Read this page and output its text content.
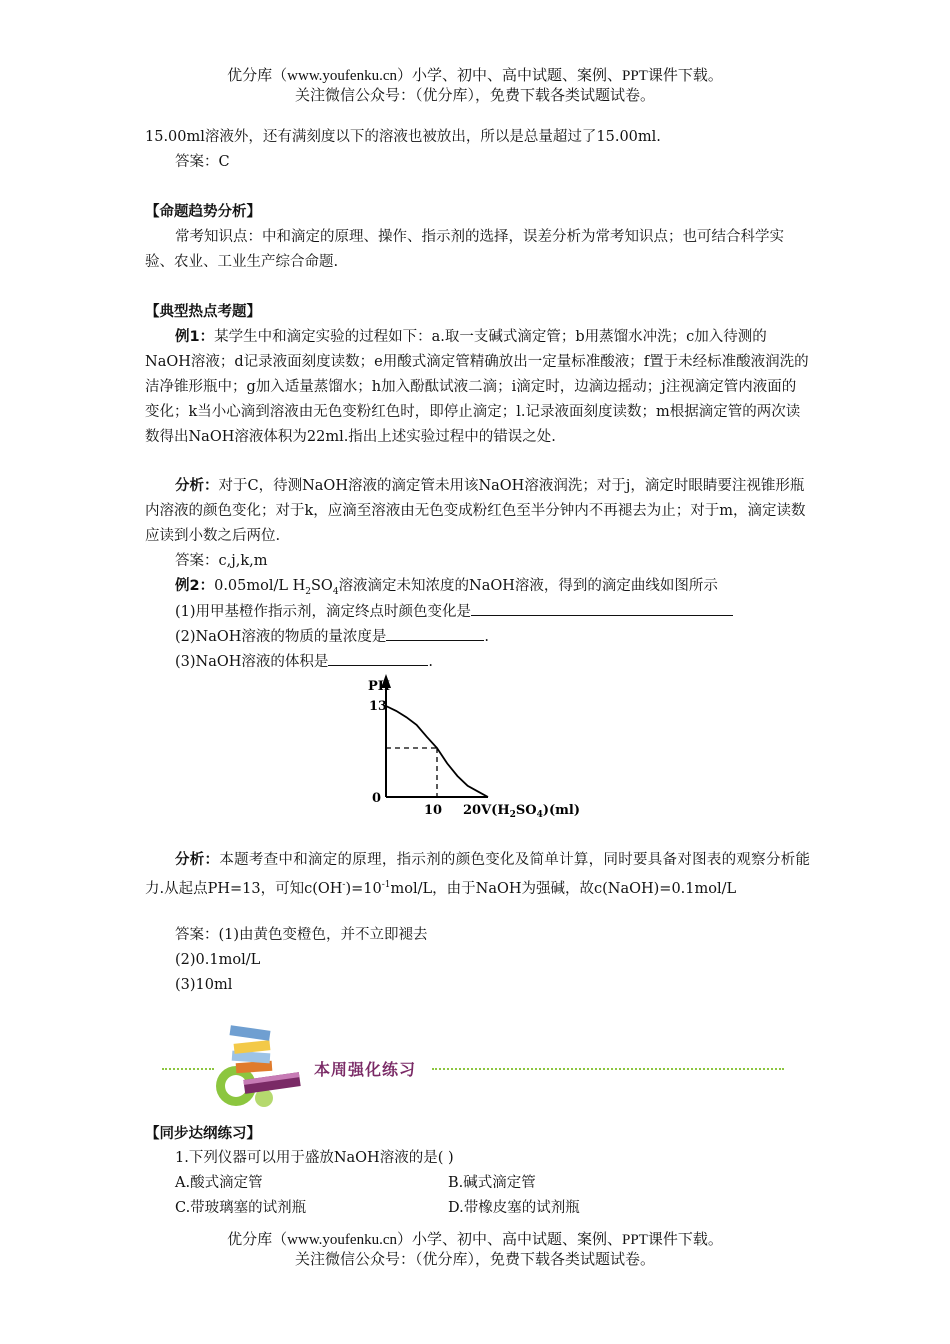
优分库（www.youfenku.cn）小学、初中、高中试题、案例、PPT课件下载。
关注微信公众号：（优分库），免费下载各类试题试卷。
15.00ml溶液外，还有满刻度以下的溶液也被放出，所以是总量超过了15.00ml.
答案：C
【命题趋势分析】
常考知识点：中和滴定的原理、操作、指示剂的选择，误差分析为常考知识点；也可结合科学实验、农业、工业生产综合命题.
【典型热点考题】
例1：某学生中和滴定实验的过程如下：a.取一支碱式滴定管；b用蒸馏水冲洗；c加入待测的NaOH溶液；d记录液面刻度读数；e用酸式滴定管精确放出一定量标准酸液；f置于未经标准酸液润洗的洁净锥形瓶中；g加入适量蒸馏水；h加入酚酞试液二滴；i滴定时，边滴边摇动；j注视滴定管内液面的变化；k当小心滴到溶液由无色变粉红色时，即停止滴定；l.记录液面刻度读数；m根据滴定管的两次读数得出NaOH溶液体积为22ml.指出上述实验过程中的错误之处.
分析：对于C，待测NaOH溶液的滴定管未用该NaOH溶液润洗；对于j，滴定时眼睛要注视锥形瓶内溶液的颜色变化；对于k，应滴至溶液由无色变成粉红色至半分钟内不再褪去为止；对于m，滴定读数应读到小数之后两位.
答案：c,j,k,m
例2：0.05mol/L $H_2SO_4$溶液滴定未知浓度的NaOH溶液，得到的滴定曲线如图所示
(1)用甲基橙作指示剂，滴定终点时颜色变化是
(2)NaOH溶液的物质的量浓度是	.
(3)NaOH溶液的体积是	.
PH
13
0
10 $20V(H_2SO_4)(ml)$
分析：本题考查中和滴定的原理，指示剂的颜色变化及简单计算，同时要具备对图表的观察分析能力.从起点PH=13，可知$c(OH^-)=10^{-1}mol/L$，由于NaOH为强碱，故c(NaOH)=0.1mol/L
答案：(1)由黄色变橙色，并不立即褪去
(2)0.1mol/L
(3)10ml
本周强化练习
【同步达纲练习】
1.下列仪器可以用于盛放NaOH溶液的是( )
A.酸式滴定管	B.碱式滴定管
C.带玻璃塞的试剂瓶	D.带橡皮塞的试剂瓶
优分库（www.youfenku.cn）小学、初中、高中试题、案例、PPT课件下载。
关注微信公众号：（优分库），免费下载各类试题试卷。
